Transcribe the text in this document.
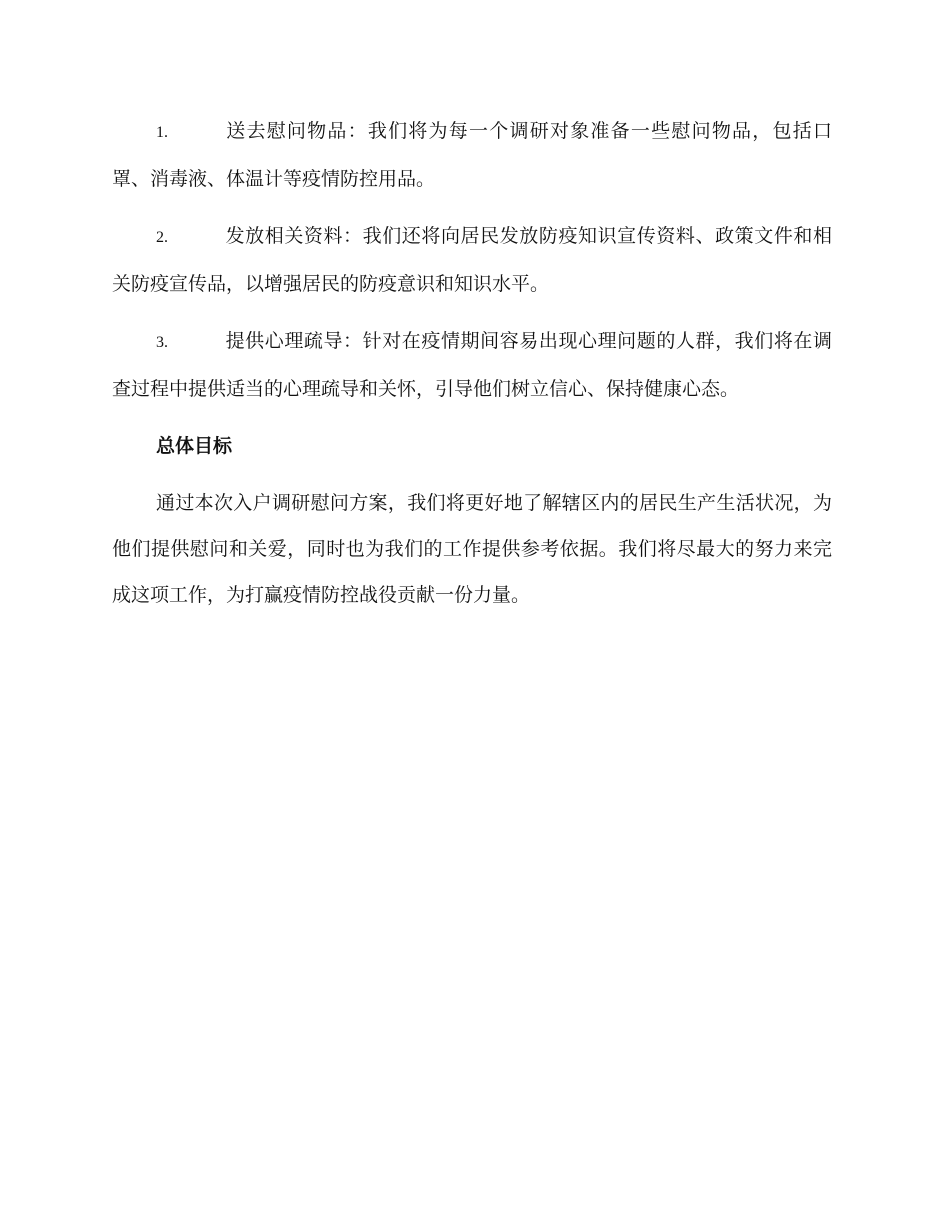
1.	送去慰问物品：我们将为每一个调研对象准备一些慰问物品，包括口罩、消毒液、体温计等疫情防控用品。
2.	发放相关资料：我们还将向居民发放防疫知识宣传资料、政策文件和相关防疫宣传品，以增强居民的防疫意识和知识水平。
3.	提供心理疏导：针对在疫情期间容易出现心理问题的人群，我们将在调查过程中提供适当的心理疏导和关怀，引导他们树立信心、保持健康心态。
总体目标

通过本次入户调研慰问方案，我们将更好地了解辖区内的居民生产生活状况，为他们提供慰问和关爱，同时也为我们的工作提供参考依据。我们将尽最大的努力来完成这项工作，为打赢疫情防控战役贡献一份力量。
